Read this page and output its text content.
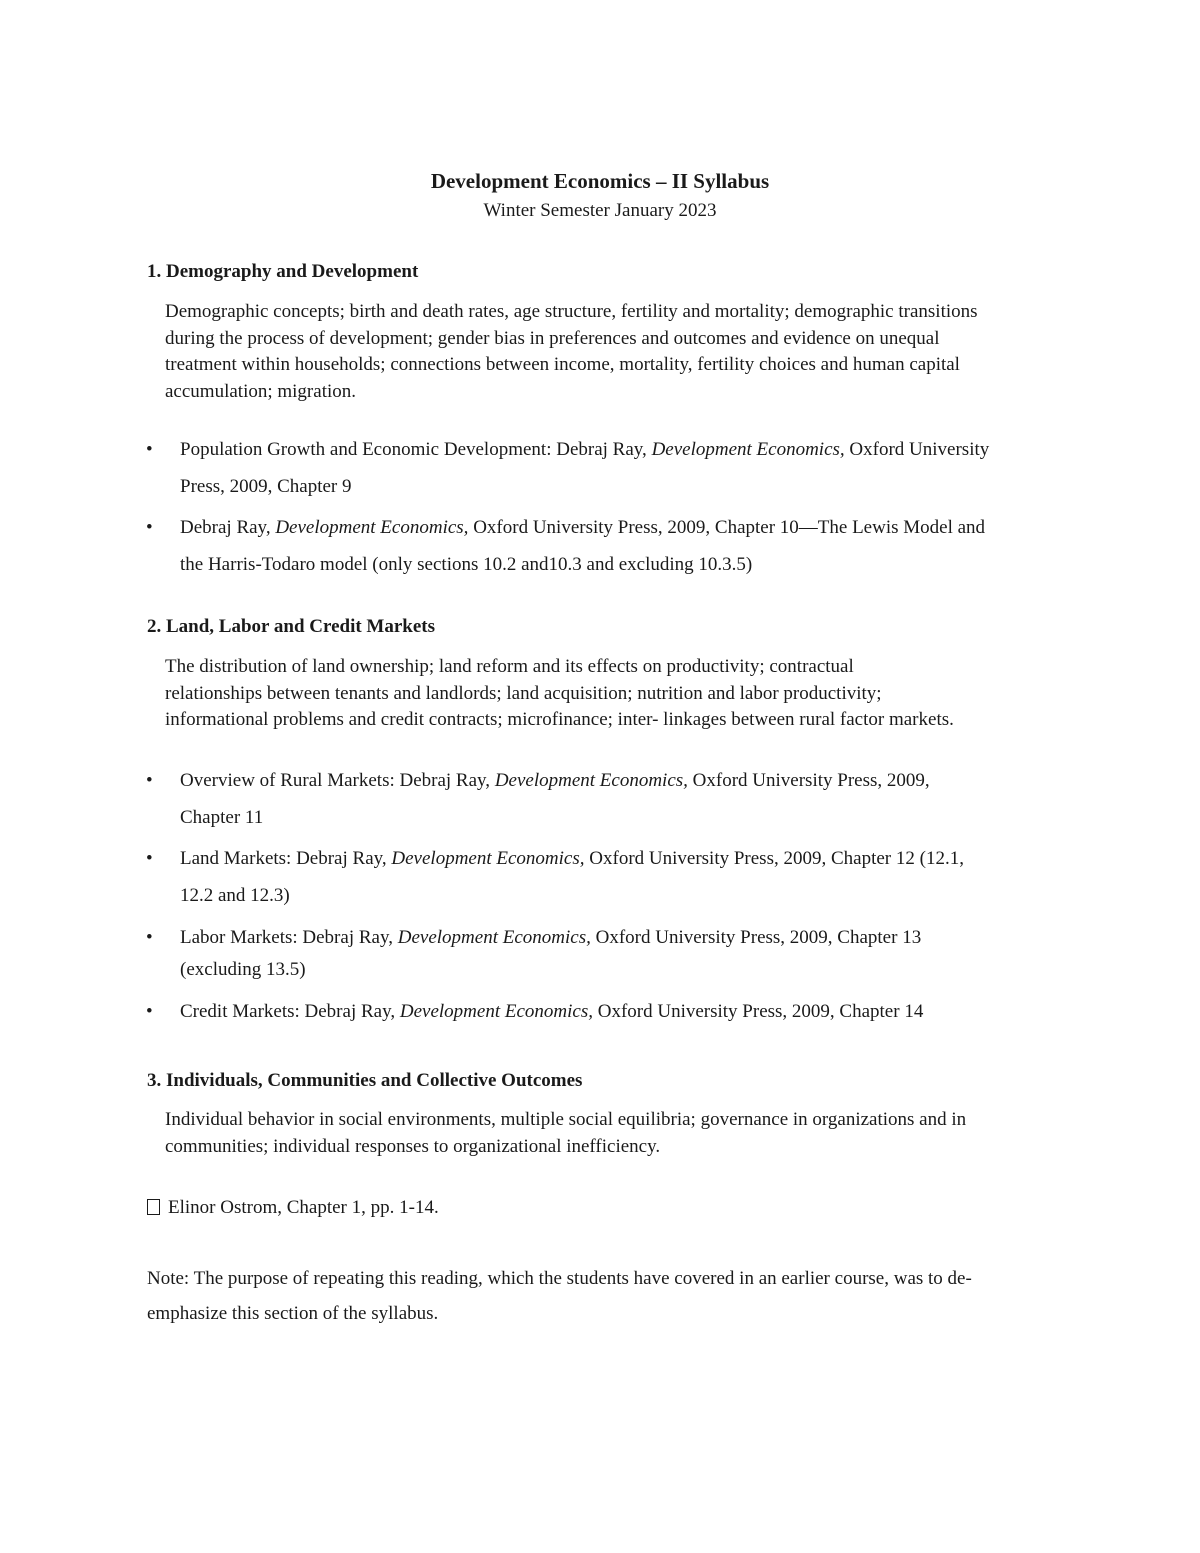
Development Economics – II Syllabus
Winter Semester January 2023
1. Demography and Development
Demographic concepts; birth and death rates, age structure, fertility and mortality; demographic transitions
during the process of development; gender bias in preferences and outcomes and evidence on unequal
treatment within households; connections between income, mortality, fertility choices and human capital
accumulation; migration.
•	Population Growth and Economic Development: Debraj Ray, Development Economics, Oxford University
Press, 2009, Chapter 9
•	Debraj Ray, Development Economics, Oxford University Press, 2009, Chapter 10—The Lewis Model and
the Harris-Todaro model (only sections 10.2 and10.3 and excluding 10.3.5)
2. Land, Labor and Credit Markets
The distribution of land ownership; land reform and its effects on productivity; contractual
relationships between tenants and landlords; land acquisition; nutrition and labor productivity;
informational problems and credit contracts; microfinance; inter- linkages between rural factor markets.
•	Overview of Rural Markets: Debraj Ray, Development Economics, Oxford University Press, 2009,
Chapter 11
•	Land Markets: Debraj Ray, Development Economics, Oxford University Press, 2009, Chapter 12 (12.1,
12.2 and 12.3)
•	Labor Markets: Debraj Ray, Development Economics, Oxford University Press, 2009, Chapter 13
(excluding 13.5)
•	Credit Markets: Debraj Ray, Development Economics, Oxford University Press, 2009, Chapter 14
3. Individuals, Communities and Collective Outcomes
Individual behavior in social environments, multiple social equilibria; governance in organizations and in
communities; individual responses to organizational inefficiency.
Elinor Ostrom, Chapter 1, pp. 1-14.
Note: The purpose of repeating this reading, which the students have covered in an earlier course, was to de-
emphasize this section of the syllabus.
